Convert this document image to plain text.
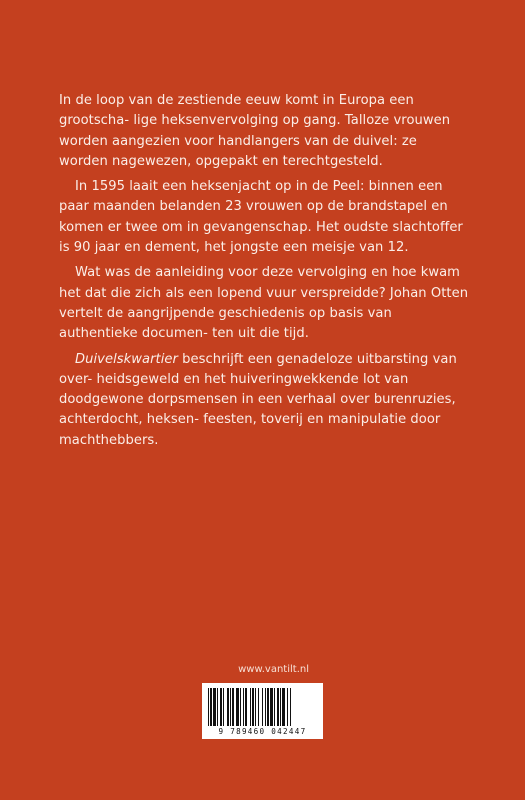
In de loop van de zestiende eeuw komt in Europa een grootscha- lige heksenvervolging op gang. Talloze vrouwen worden aangezien voor handlangers van de duivel: ze worden nagewezen, opgepakt en terechtgesteld.

In 1595 laait een heksenjacht op in de Peel: binnen een paar maanden belanden 23 vrouwen op de brandstapel en komen er twee om in gevangenschap. Het oudste slachtoffer is 90 jaar en dement, het jongste een meisje van 12.

Wat was de aanleiding voor deze vervolging en hoe kwam het dat die zich als een lopend vuur verspreidde? Johan Otten vertelt de aangrijpende geschiedenis op basis van authentieke documen- ten uit die tijd.

Duivelskwartier beschrijft een genadeloze uitbarsting van over- heidsgeweld en het huiveringwekkende lot van doodgewone dorpsmensen in een verhaal over burenruzies, achterdocht, heksen- feesten, toverij en manipulatie door machthebbers.

www.vantilt.nl
9 789460 042447
